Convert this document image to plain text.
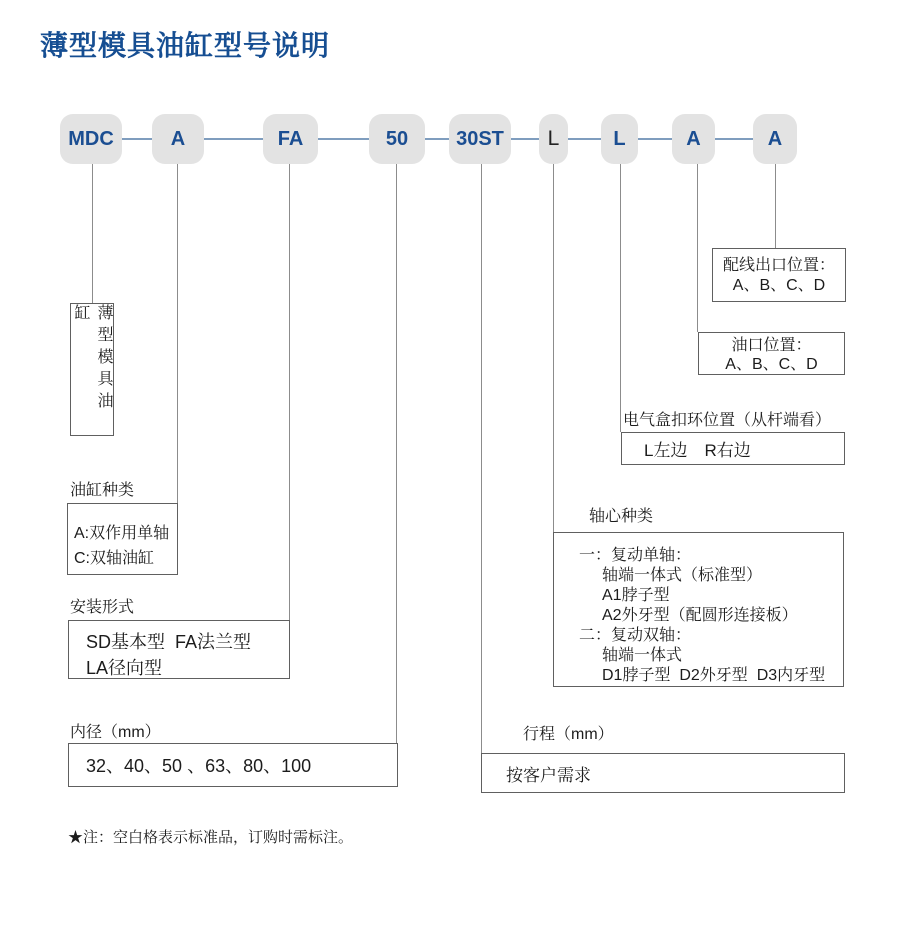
薄型模具油缸型号说明
MDC	A	FA	50	30ST	L	L	A	A
薄型模具油缸
油缸种类
A:双作用单轴
C:双轴油缸
安装形式
SD基本型  FA法兰型
LA径向型
内径（mm）
32、40、50 、63、80、100
行程（mm）
按客户需求
轴心种类
一：复动单轴：
轴端一体式（标准型）
A1脖子型
A2外牙型（配圆形连接板）
二：复动双轴：
轴端一体式
D1脖子型  D2外牙型  D3内牙型
电气盒扣环位置（从杆端看）
L左边　R右边
油口位置：
A、B、C、D
配线出口位置：
A、B、C、D
★注：空白格表示标准品，订购时需标注。
